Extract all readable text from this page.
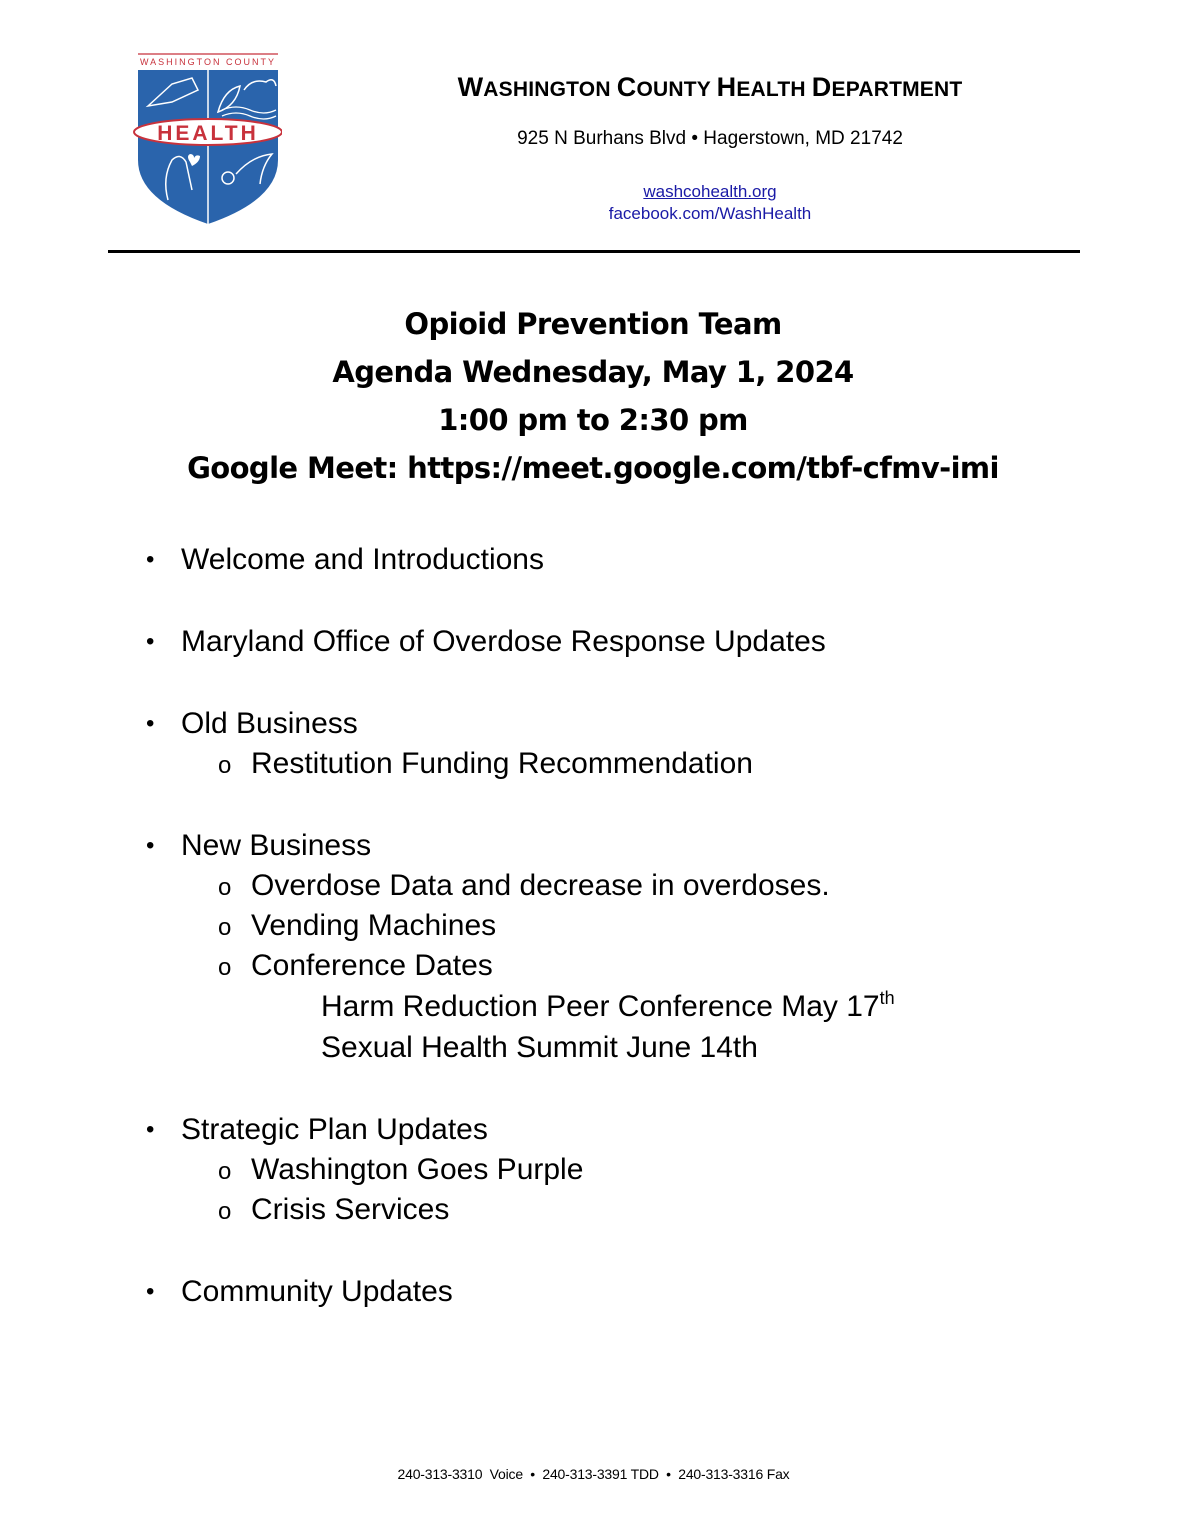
WASHINGTON COUNTY
HEALTH
WASHINGTON COUNTY HEALTH DEPARTMENT
925 N Burhans Blvd • Hagerstown, MD 21742
washcohealth.org
facebook.com/WashHealth
Opioid Prevention Team
Agenda Wednesday, May 1, 2024
1:00 pm to 2:30 pm
Google Meet: https://meet.google.com/tbf-cfmv-imi
• Welcome and Introductions
• Maryland Office of Overdose Response Updates
• Old Business
o Restitution Funding Recommendation
• New Business
o Overdose Data and decrease in overdoses.
o Vending Machines
o Conference Dates
Harm Reduction Peer Conference May 17th
Sexual Health Summit June 14th
• Strategic Plan Updates
o Washington Goes Purple
o Crisis Services
• Community Updates
240-313-3310  Voice  •  240-313-3391 TDD  •  240-313-3316 Fax
